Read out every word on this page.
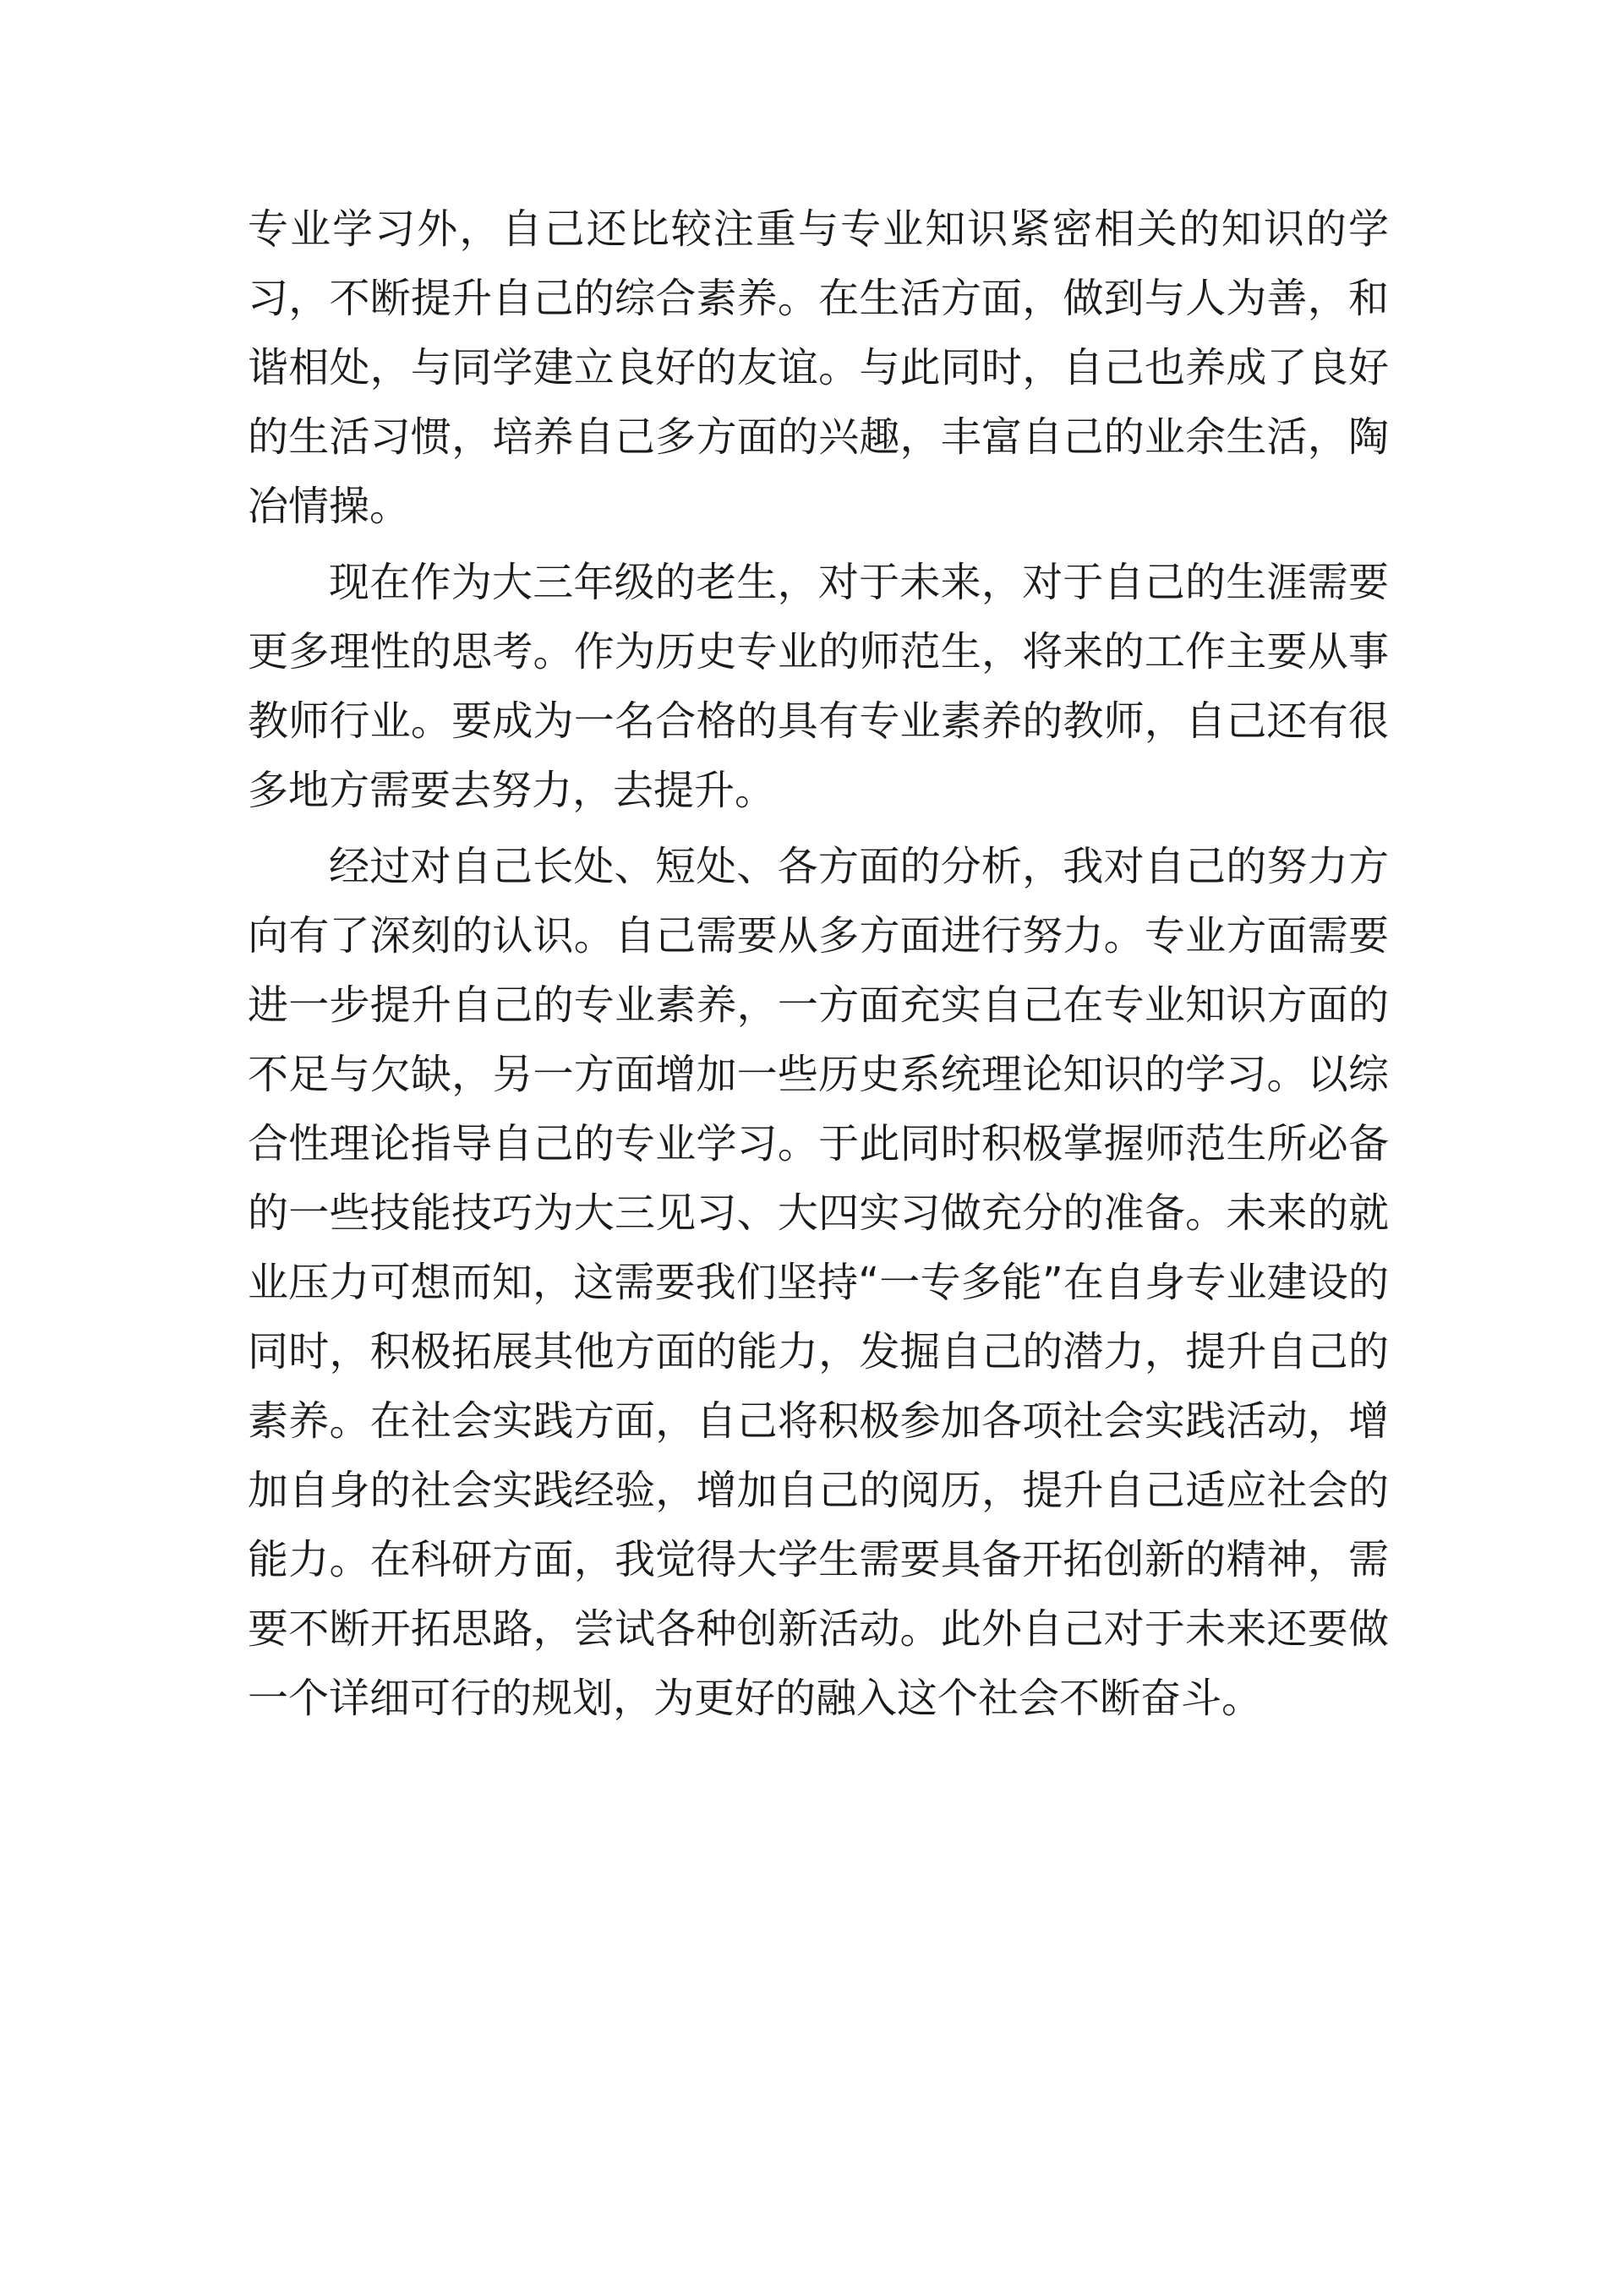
专业学习外，自己还比较注重与专业知识紧密相关的知识的学习，不断提升自己的综合素养。在生活方面，做到与人为善，和谐相处，与同学建立良好的友谊。与此同时，自己也养成了良好的生活习惯，培养自己多方面的兴趣，丰富自己的业余生活，陶冶情操。

现在作为大三年级的老生，对于未来，对于自己的生涯需要更多理性的思考。作为历史专业的师范生，将来的工作主要从事教师行业。要成为一名合格的具有专业素养的教师，自己还有很多地方需要去努力，去提升。

经过对自己长处、短处、各方面的分析，我对自己的努力方向有了深刻的认识。自己需要从多方面进行努力。专业方面需要进一步提升自己的专业素养，一方面充实自己在专业知识方面的不足与欠缺，另一方面增加一些历史系统理论知识的学习。以综合性理论指导自己的专业学习。于此同时积极掌握师范生所必备的一些技能技巧为大三见习、大四实习做充分的准备。未来的就业压力可想而知，这需要我们坚持“一专多能”在自身专业建设的同时，积极拓展其他方面的能力，发掘自己的潜力，提升自己的素养。在社会实践方面，自己将积极参加各项社会实践活动，增加自身的社会实践经验，增加自己的阅历，提升自己适应社会的能力。在科研方面，我觉得大学生需要具备开拓创新的精神，需要不断开拓思路，尝试各种创新活动。此外自己对于未来还要做一个详细可行的规划，为更好的融入这个社会不断奋斗。
